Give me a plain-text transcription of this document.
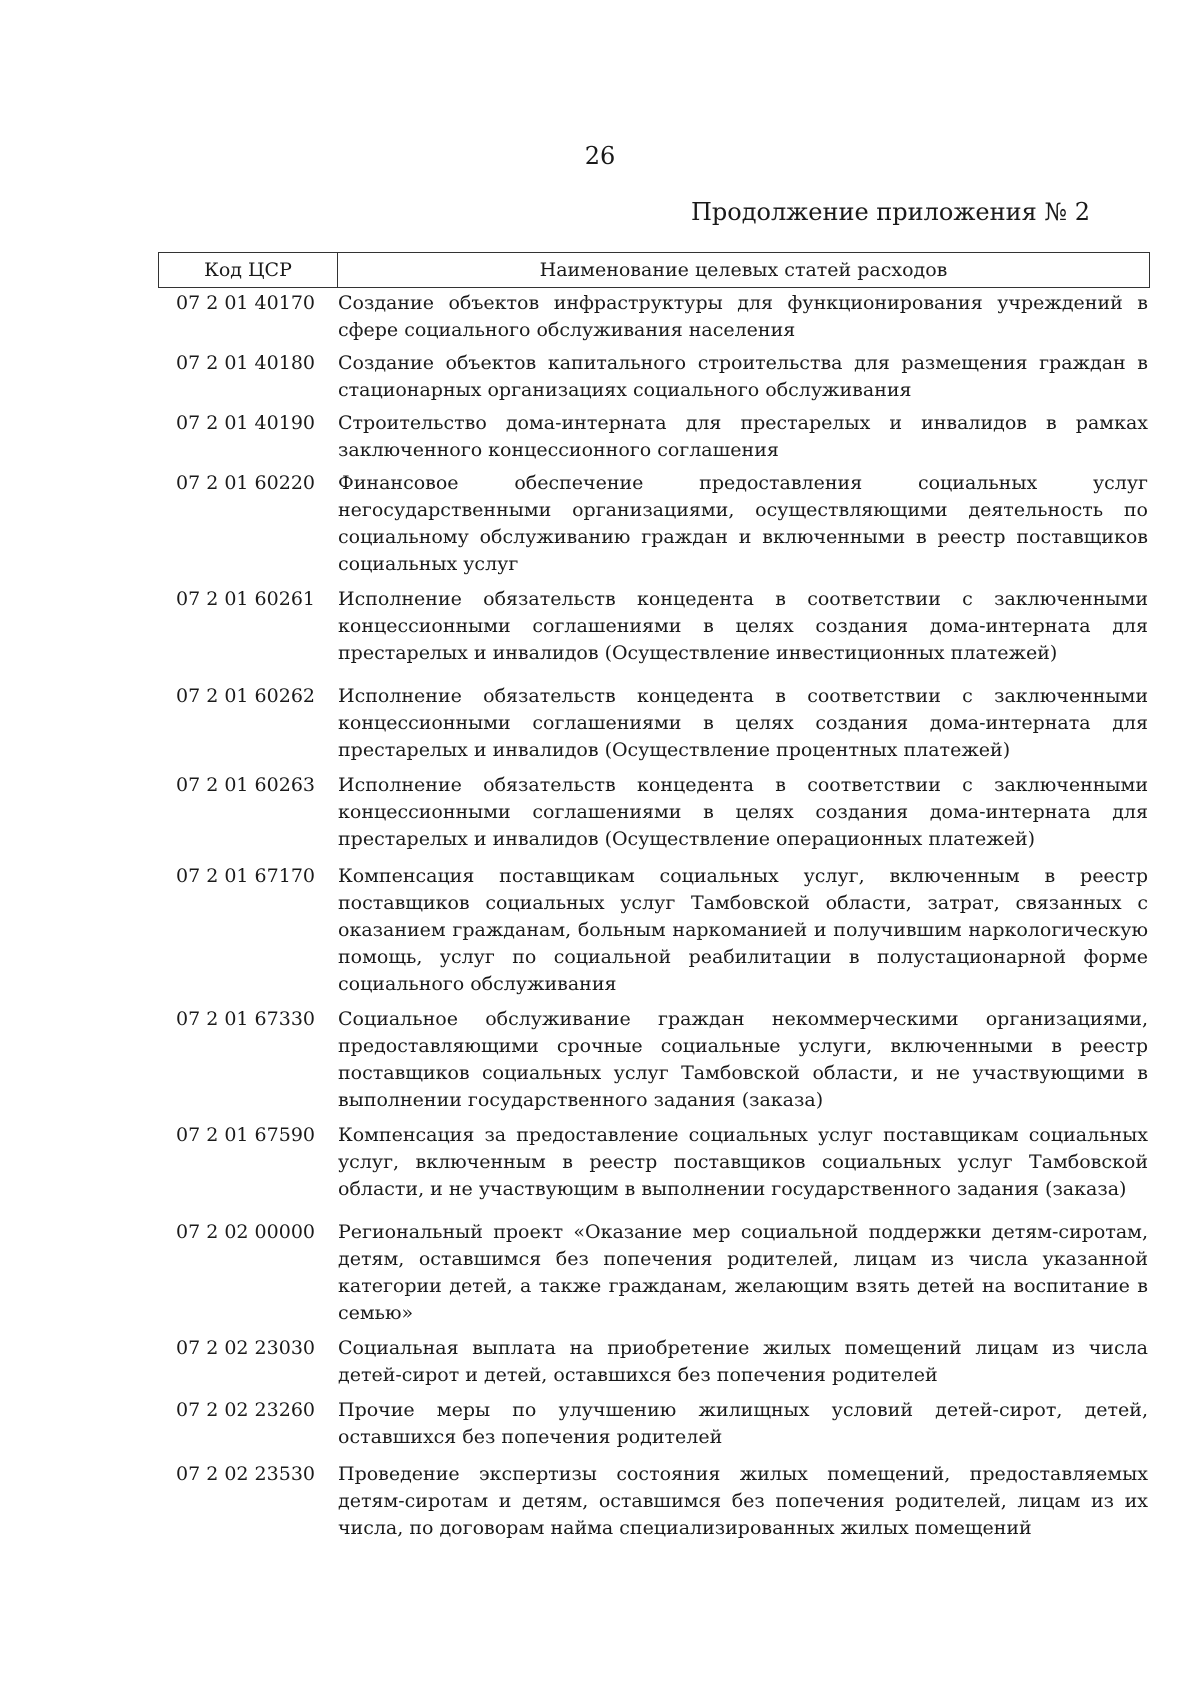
26
Продолжение приложения № 2
Код ЦСР	Наименование целевых статей расходов
07 2 01 40170	Создание объектов инфраструктуры для функционирования учреждений в сфере социального обслуживания населения
07 2 01 40180	Создание объектов капитального строительства для размещения граждан в стационарных организациях социального обслуживания
07 2 01 40190	Строительство дома-интерната для престарелых и инвалидов в рамках заключенного концессионного соглашения
07 2 01 60220	Финансовое обеспечение предоставления социальных услуг негосударственными организациями, осуществляющими деятельность по социальному обслуживанию граждан и включенными в реестр поставщиков социальных услуг
07 2 01 60261	Исполнение обязательств концедента в соответствии с заключенными концессионными соглашениями в целях создания дома-интерната для престарелых и инвалидов (Осуществление инвестиционных платежей)
07 2 01 60262	Исполнение обязательств концедента в соответствии с заключенными концессионными соглашениями в целях создания дома-интерната для престарелых и инвалидов (Осуществление процентных платежей)
07 2 01 60263	Исполнение обязательств концедента в соответствии с заключенными концессионными соглашениями в целях создания дома-интерната для престарелых и инвалидов (Осуществление операционных платежей)
07 2 01 67170	Компенсация поставщикам социальных услуг, включенным в реестр поставщиков социальных услуг Тамбовской области, затрат, связанных с оказанием гражданам, больным наркоманией и получившим наркологическую помощь, услуг по социальной реабилитации в полустационарной форме социального обслуживания
07 2 01 67330	Социальное обслуживание граждан некоммерческими организациями, предоставляющими срочные социальные услуги, включенными в реестр поставщиков социальных услуг Тамбовской области, и не участвующими в выполнении государственного задания (заказа)
07 2 01 67590	Компенсация за предоставление социальных услуг поставщикам социальных услуг, включенным в реестр поставщиков социальных услуг Тамбовской области, и не участвующим в выполнении государственного задания (заказа)
07 2 02 00000	Региональный проект «Оказание мер социальной поддержки детям-сиротам, детям, оставшимся без попечения родителей, лицам из числа указанной категории детей, а также гражданам, желающим взять детей на воспитание в семью»
07 2 02 23030	Социальная выплата на приобретение жилых помещений лицам из числа детей-сирот и детей, оставшихся без попечения родителей
07 2 02 23260	Прочие меры по улучшению жилищных условий детей-сирот, детей, оставшихся без попечения родителей
07 2 02 23530	Проведение экспертизы состояния жилых помещений, предоставляемых детям-сиротам и детям, оставшимся без попечения родителей, лицам из их числа, по договорам найма специализированных жилых помещений
